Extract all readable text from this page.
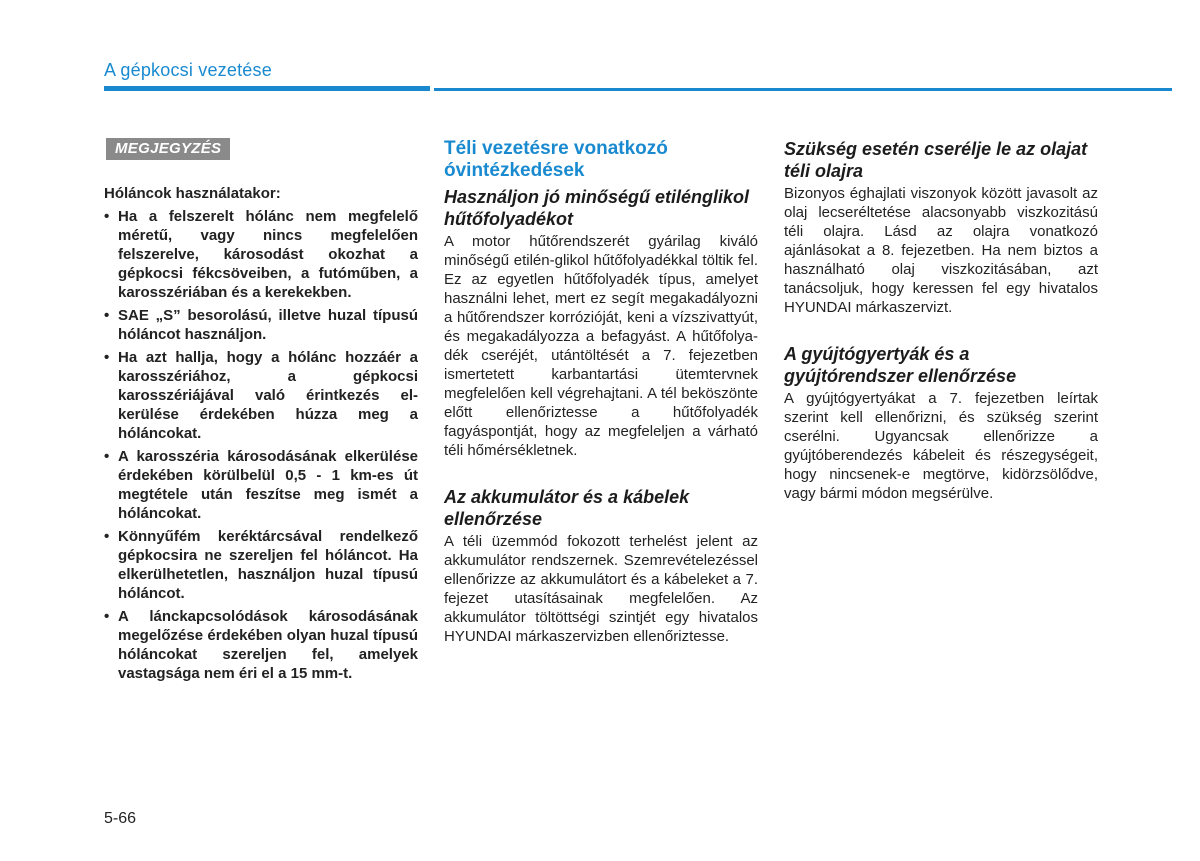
A gépkocsi vezetése
MEGJEGYZÉS
Hóláncok használatakor:
• Ha a felszerelt hólánc nem megfelelő méretű, vagy nincs megfelelően felszerelve, károsodást okozhat a gépkocsi fékcsöveiben, a futóműben, a karosszériában és a kerekekben.
• SAE „S” besorolású, illetve huzal típusú hóláncot használjon.
• Ha azt hallja, hogy a hólánc hozzáér a karosszériához, a gépkocsi karosszériájával való érintkezés elkerülése érdekében húzza meg a hóláncokat.
• A karosszéria károsodásának elkerülése érdekében körülbelül 0,5 - 1 km-es út megtétele után feszítse meg ismét a hóláncokat.
• Könnyűfém keréktárcsával rendelkező gépkocsira ne szereljen fel hóláncot. Ha elkerülhetetlen, használjon huzal típusú hóláncot.
• A lánckapcsolódások károsodásának megelőzése érdekében olyan huzal típusú hóláncokat szereljen fel, amelyek vastagsága nem éri el a 15 mm-t.
Téli vezetésre vonatkozó óvintézkedések
Használjon jó minőségű etilénglikol hűtőfolyadékot

A motor hűtőrendszerét gyárilag kiváló minőségű etilén-glikol hűtőfolyadékkal töltik fel. Ez az egyetlen hűtőfolyadék típus, amelyet használni lehet, mert ez segít megakadályozni a hűtőrendszer korrózióját, keni a vízszivattyút, és megakadályozza a befagyást. A hűtőfolyadék cseréjét, utántöltését a 7. fejezetben ismertetett karbantartási ütemtervnek megfelelően kell végrehajtani. A tél beköszönte előtt ellenőriztesse a hűtőfolyadék fagyáspontját, hogy az megfeleljen a várható téli hőmérsékletnek.

Az akkumulátor és a kábelek ellenőrzése

A téli üzemmód fokozott terhelést jelent az akkumulátor rendszernek. Szemrevételezéssel ellenőrizze az akkumulátort és a kábeleket a 7. fejezet utasításainak megfelelően. Az akkumulátor töltöttségi szintjét egy hivatalos HYUNDAI márkaszervizben ellenőriztesse.

Szükség esetén cserélje le az olajat téli olajra

Bizonyos éghajlati viszonyok között javasolt az olaj lecseréltetése alacsonyabb viszkozitású téli olajra. Lásd az olajra vonatkozó ajánlásokat a 8. fejezetben. Ha nem biztos a használható olaj viszkozitásában, azt tanácsoljuk, hogy keressen fel egy hivatalos HYUNDAI márkaszervizt.

A gyújtógyertyák és a gyújtórendszer ellenőrzése

A gyújtógyertyákat a 7. fejezetben leírtak szerint kell ellenőrizni, és szükség szerint cserélni. Ugyancsak ellenőrizze a gyújtóberendezés kábeleit és részegységeit, hogy nincsenek-e megtörve, kidörzsölődve, vagy bármi módon megsérülve.

5-66
